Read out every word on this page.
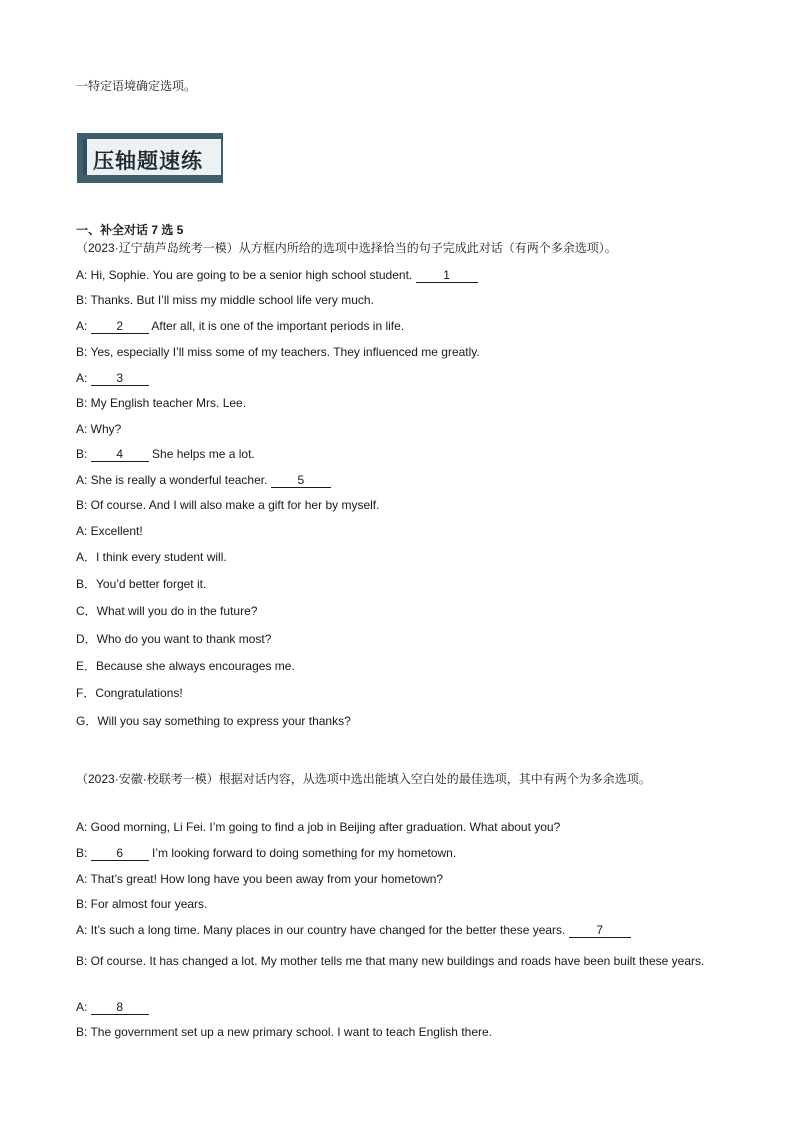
一特定语境确定选项。
压轴题速练
一、补全对话 7 选 5
（2023·辽宁葫芦岛统考一模）从方框内所给的选项中选择恰当的句子完成此对话（有两个多余选项）。
A: Hi, Sophie. You are going to be a senior high school student.	1
B: Thanks. But I’ll miss my middle school life very much.
A: 2 After all, it is one of the important periods in life.
B: Yes, especially I’ll miss some of my teachers. They influenced me greatly.
A: 3
B: My English teacher Mrs. Lee.
A: Why?
B: 4 She helps me a lot.
A: She is really a wonderful teacher.	5
B: Of course. And I will also make a gift for her by myself.
A: Excellent!
A．I think every student will.
B．You’d better forget it.
C．What will you do in the future?
D．Who do you want to thank most?
E．Because she always encourages me.
F．Congratulations!
G．Will you say something to express your thanks?
（2023·安徽·校联考一模）根据对话内容，从选项中选出能填入空白处的最佳选项，其中有两个为多余选项。
A: Good morning, Li Fei. I’m going to find a job in Beijing after graduation. What about you?
B: 6 I’m looking forward to doing something for my hometown.
A: That’s great! How long have you been away from your hometown?
B: For almost four years.
A: It’s such a long time. Many places in our country have changed for the better these years.	7
B: Of course. It has changed a lot. My mother tells me that many new buildings and roads have been built these years.
A: 8
B: The government set up a new primary school. I want to teach English there.
